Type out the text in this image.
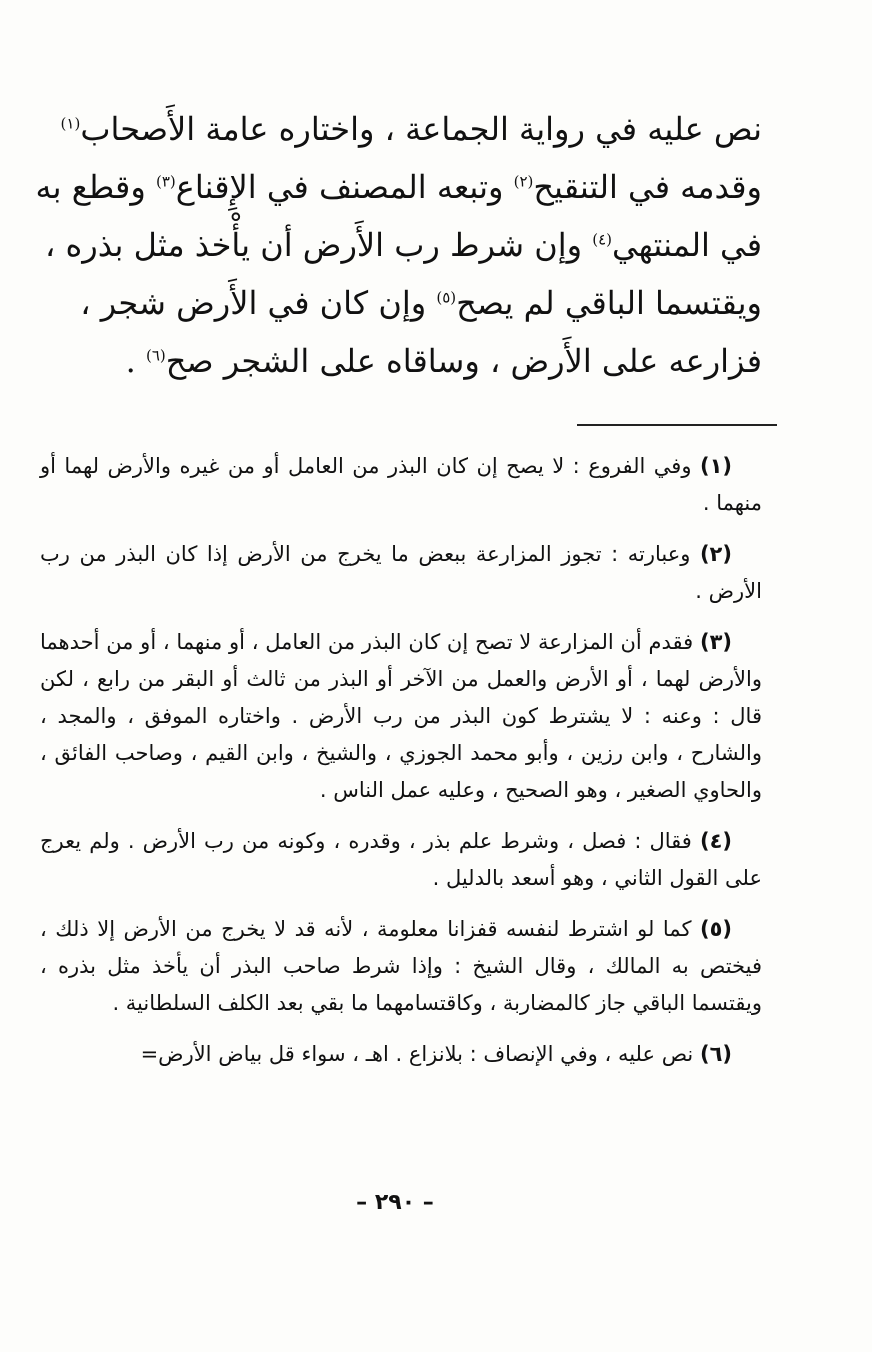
نص عليه في رواية الجماعة ، واختاره عامة الأَصحاب$^{(١)}$
وقدمه في التنقيح$^{(٢)}$ وتبعه المصنف في الإِقناع$^{(٣)}$ وقطع به
في المنتهي$^{(٤)}$ وإن شرط رب الأَرض أن يأْخذ مثل بذره ،
ويقتسما الباقي لم يصح$^{(٥)}$ وإن كان في الأَرض شجر ،
فزارعه على الأَرض ، وساقاه على الشجر صح$^{(٦)}$ .

(١) وفي الفروع : لا يصح إن كان البذر من العامل أو من غيره والأرض لهما أو منهما .

(٢) وعبارته : تجوز المزارعة ببعض ما يخرج من الأرض إذا كان البذر من رب الأرض .

(٣) فقدم أن المزارعة لا تصح إن كان البذر من العامل ، أو منهما ، أو من أحدهما والأرض لهما ، أو الأرض والعمل من الآخر أو البذر من ثالث أو البقر من رابع ، لكن قال : وعنه : لا يشترط كون البذر من رب الأرض . واختاره الموفق ، والمجد ، والشارح ، وابن رزين ، وأبو محمد الجوزي ، والشيخ ، وابن القيم ، وصاحب الفائق ، والحاوي الصغير ، وهو الصحيح ، وعليه عمل الناس .

(٤) فقال : فصل ، وشرط علم بذر ، وقدره ، وكونه من رب الأرض . ولم يعرج على القول الثاني ، وهو أسعد بالدليل .

(٥) كما لو اشترط لنفسه قفزانا معلومة ، لأنه قد لا يخرج من الأرض إلا ذلك ، فيختص به المالك ، وقال الشيخ : وإذا شرط صاحب البذر أن يأخذ مثل بذره ، ويقتسما الباقي جاز كالمضاربة ، وكاقتسامهما ما بقي بعد الكلف السلطانية .

(٦) نص عليه ، وفي الإنصاف : بلانزاع . اهـ ، سواء قل بياض الأرض=

– ٢٩٠ –
